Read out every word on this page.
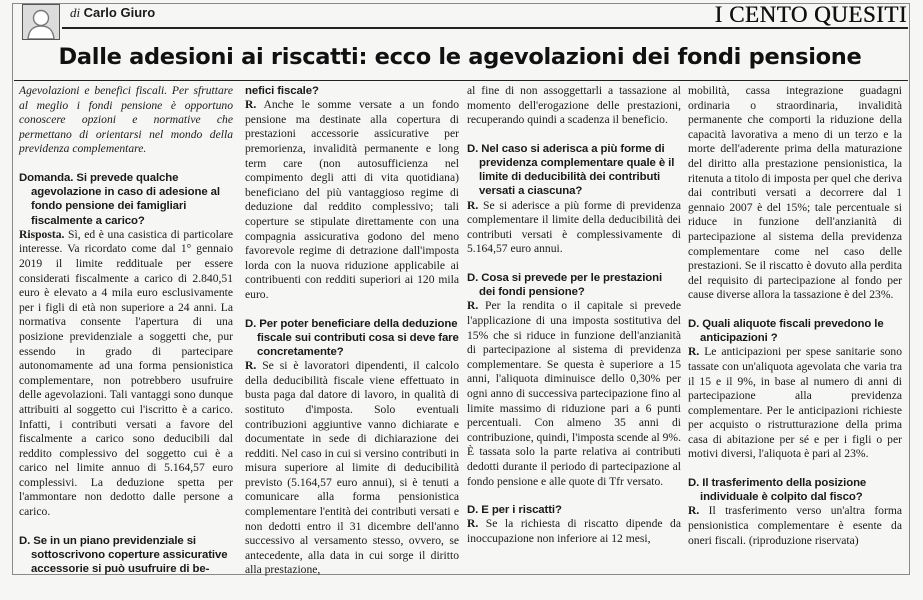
di Carlo Giuro	I CENTO QUESITI
Dalle adesioni ai riscatti: ecco le agevolazioni dei fondi pensione

Agevolazioni e benefici fiscali. Per sfruttare al meglio i fondi pensione è opportuno conoscere opzioni e normative che permettano di orientarsi nel mondo della previdenza complementare.

Domanda. Si prevede qualche agevolazione in caso di adesione al fondo pensione dei famigliari fiscalmente a carico?

Risposta. Sì, ed è una casistica di particolare interesse. Va ricordato come dal 1° gennaio 2019 il limite reddituale per essere considerati fiscalmente a carico di 2.840,51 euro è elevato a 4 mila euro esclusivamente per i figli di età non superiore a 24 anni. La normativa consente l'apertura di una posizione previdenziale a soggetti che, pur essendo in grado di partecipare autonomamente ad una forma pensionistica complementare, non potrebbero usufruire delle agevolazioni. Tali vantaggi sono dunque attribuiti al soggetto cui l'iscritto è a carico. Infatti, i contributi versati a favore del fiscalmente a carico sono deducibili dal reddito complessivo del soggetto cui è a carico nel limite annuo di 5.164,57 euro complessivi. La deduzione spetta per l'ammontare non dedotto dalle persone a carico.

D. Se in un piano previdenziale si sottoscrivono coperture assicurative accessorie si può usufruire di be-

nefici fiscale?

R. Anche le somme versate a un fondo pensione ma destinate alla copertura di prestazioni accessorie assicurative per premorienza, invalidità permanente e long term care (non autosufficienza nel compimento degli atti di vita quotidiana) beneficiano del più vantaggioso regime di deduzione dal reddito complessivo; tali coperture se stipulate direttamente con una compagnia assicurativa godono del meno favorevole regime di detrazione dall'imposta lorda con la nuova riduzione applicabile ai contribuenti con redditi superiori ai 120 mila euro.

D. Per poter beneficiare della deduzione fiscale sui contributi cosa si deve fare concretamente?

R. Se si è lavoratori dipendenti, il calcolo della deducibilità fiscale viene effettuato in busta paga dal datore di lavoro, in qualità di sostituto d'imposta. Solo eventuali contribuzioni aggiuntive vanno dichiarate e documentate in sede di dichiarazione dei redditi. Nel caso in cui si versino contributi in misura superiore al limite di deducibilità previsto (5.164,57 euro annui), si è tenuti a comunicare alla forma pensionistica complementare l'entità dei contributi versati e non dedotti entro il 31 dicembre dell'anno successivo al versamento stesso, ovvero, se antecedente, alla data in cui sorge il diritto alla prestazione,

al fine di non assoggettarli a tassazione al momento dell'erogazione delle prestazioni, recuperando quindi a scadenza il beneficio.

D. Nel caso si aderisca a più forme di previdenza complementare quale è il limite di deducibilità dei contributi versati a ciascuna?

R. Se si aderisce a più forme di previdenza complementare il limite della deducibilità dei contributi versati è complessivamente di 5.164,57 euro annui.

D. Cosa si prevede per le prestazioni dei fondi pensione?

R. Per la rendita o il capitale si prevede l'applicazione di una imposta sostitutiva del 15% che si riduce in funzione dell'anzianità di partecipazione al sistema di previdenza complementare. Se questa è superiore a 15 anni, l'aliquota diminuisce dello 0,30% per ogni anno di successiva partecipazione fino al limite massimo di riduzione pari a 6 punti percentuali. Con almeno 35 anni di contribuzione, quindi, l'imposta scende al 9%. È tassata solo la parte relativa ai contributi dedotti durante il periodo di partecipazione al fondo pensione e alle quote di Tfr versato.

D. E per i riscatti?

R. Se la richiesta di riscatto dipende da inoccupazione non inferiore ai 12 mesi,

mobilità, cassa integrazione guadagni ordinaria o straordinaria, invalidità permanente che comporti la riduzione della capacità lavorativa a meno di un terzo e la morte dell'aderente prima della maturazione del diritto alla prestazione pensionistica, la ritenuta a titolo di imposta per quel che deriva dai contributi versati a decorrere dal 1 gennaio 2007 è del 15%; tale percentuale si riduce in funzione dell'anzianità di partecipazione al sistema della previdenza complementare come nel caso delle prestazioni. Se il riscatto è dovuto alla perdita del requisito di partecipazione al fondo per cause diverse allora la tassazione è del 23%.

D. Quali aliquote fiscali prevedono le anticipazioni ?

R. Le anticipazioni per spese sanitarie sono tassate con un'aliquota agevolata che varia tra il 15 e il 9%, in base al numero di anni di partecipazione alla previdenza complementare. Per le anticipazioni richieste per acquisto o ristrutturazione della prima casa di abitazione per sé e per i figli o per motivi diversi, l'aliquota è pari al 23%.

D. Il trasferimento della posizione individuale è colpito dal fisco?

R. Il trasferimento verso un'altra forma pensionistica complementare è esente da oneri fiscali. (riproduzione riservata)
